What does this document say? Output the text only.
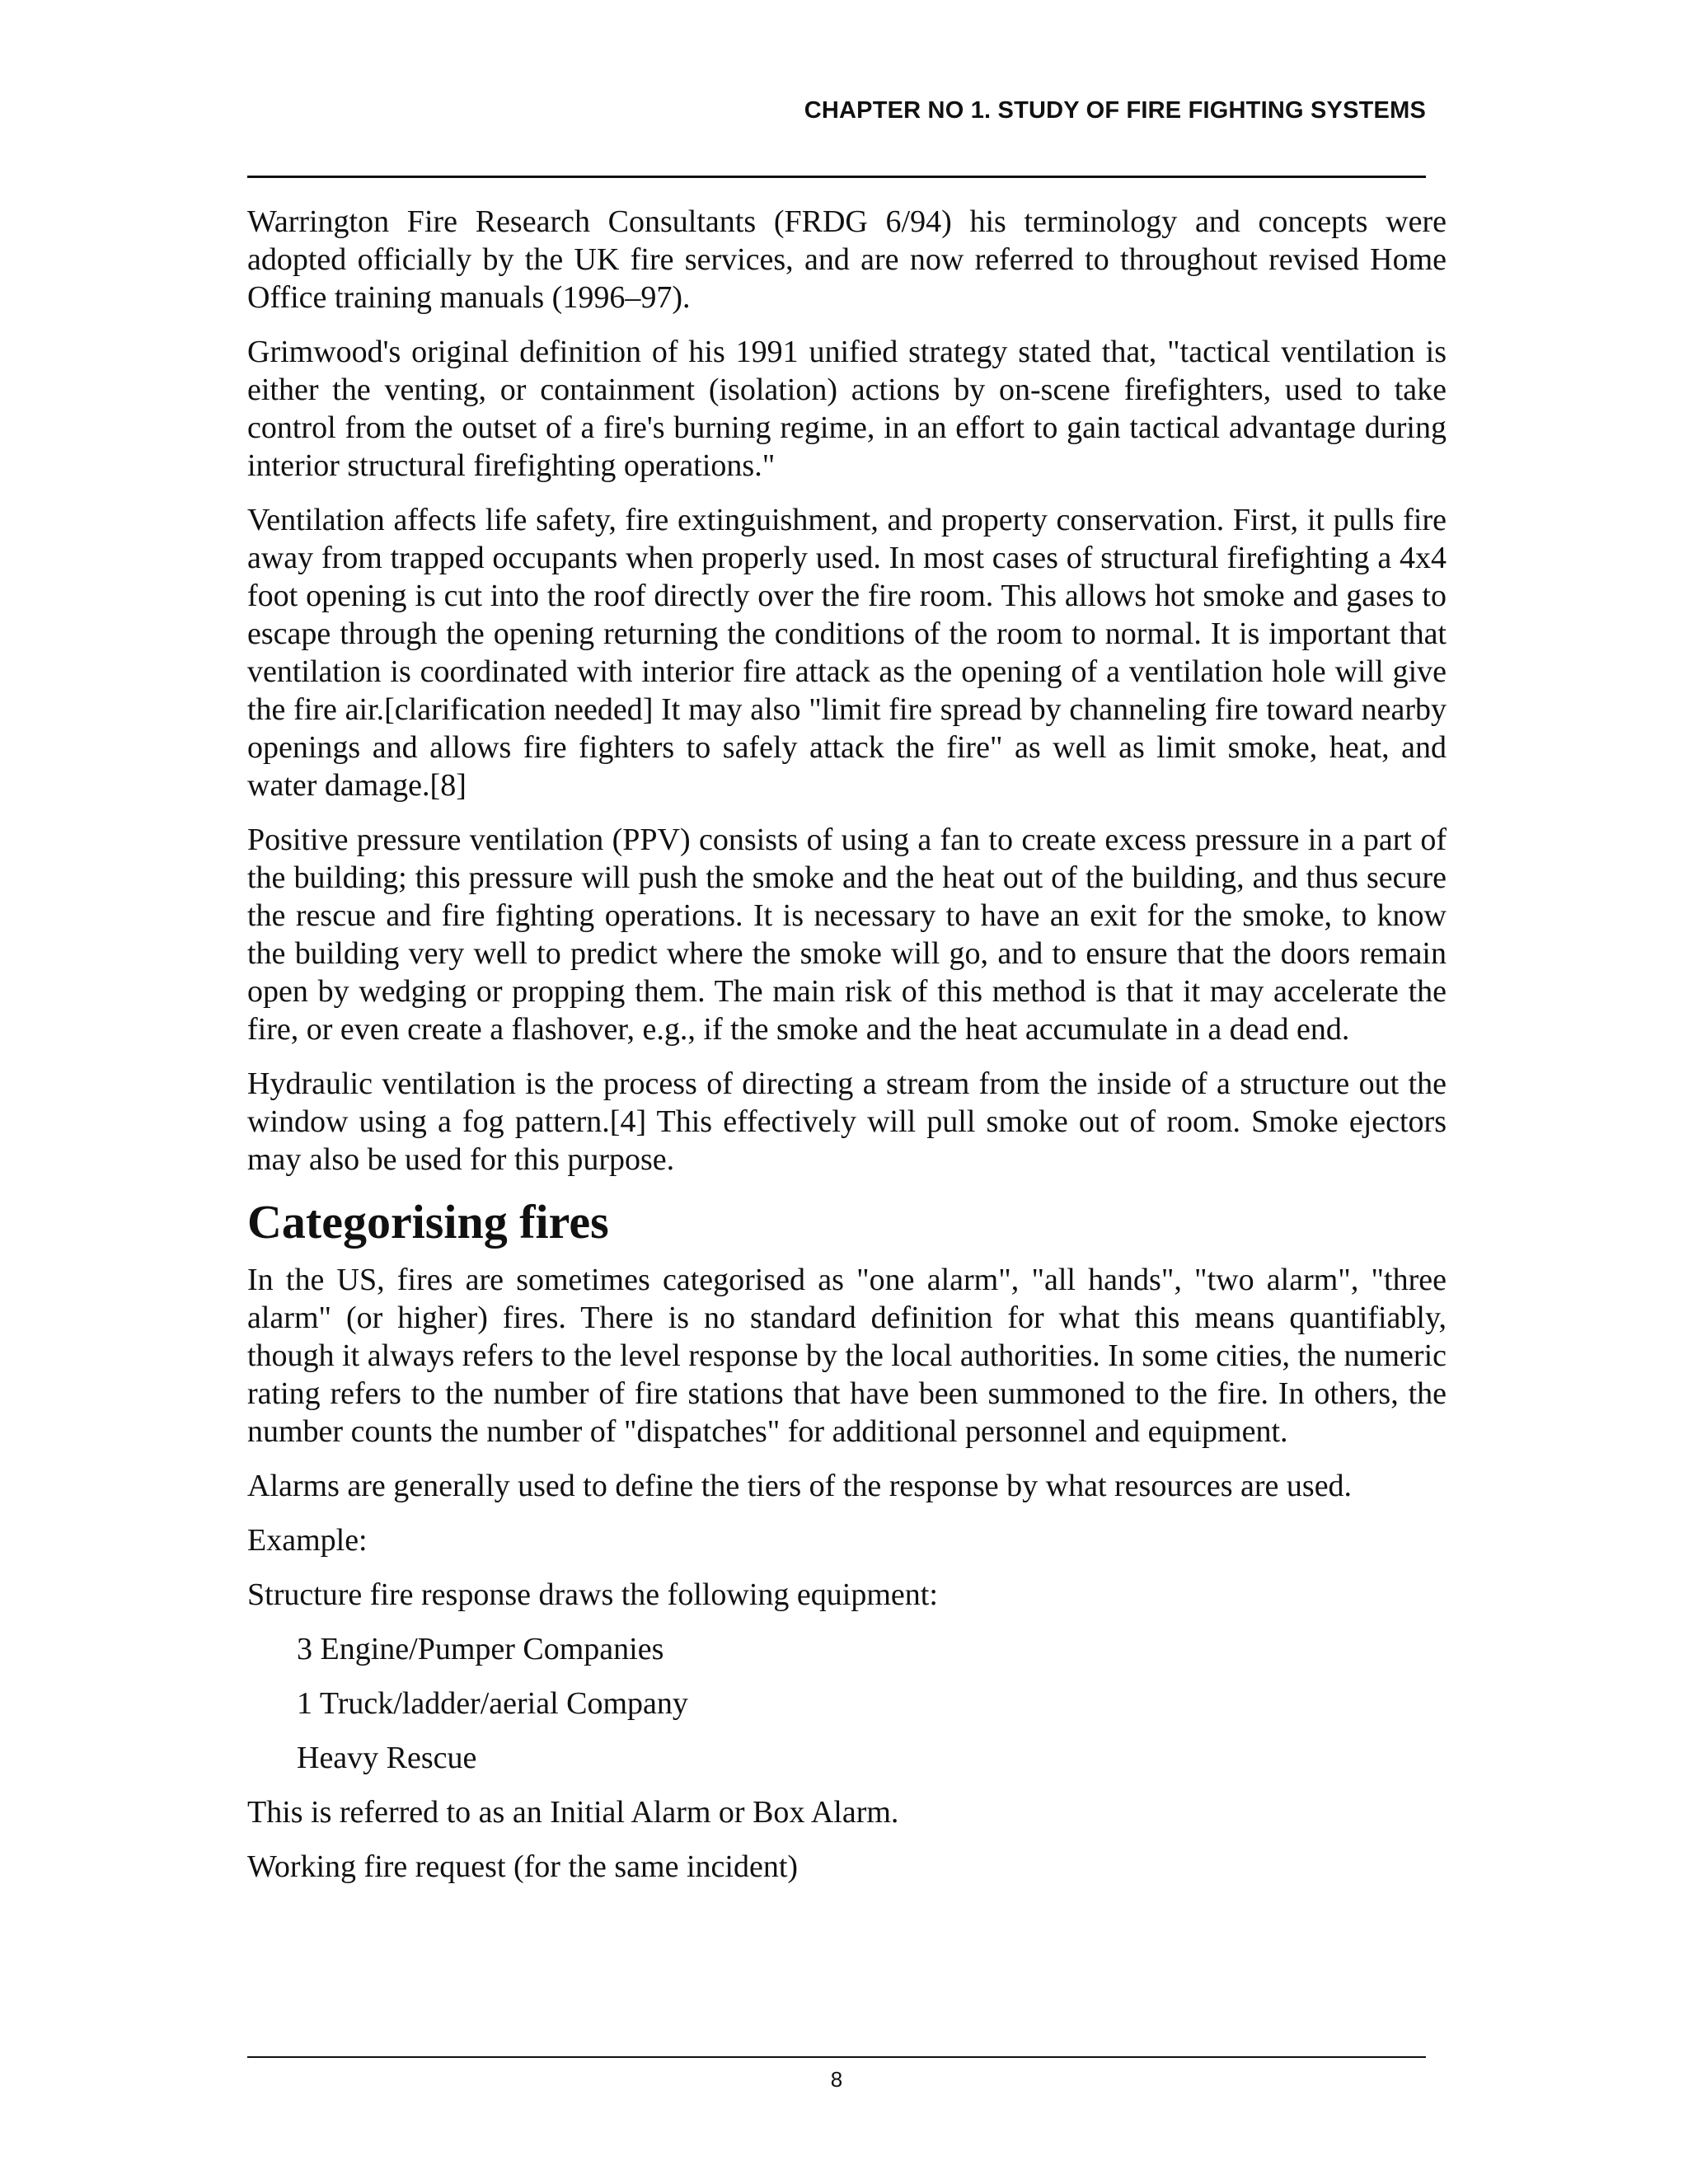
CHAPTER NO 1. STUDY OF FIRE FIGHTING SYSTEMS

Warrington Fire Research Consultants (FRDG 6/94) his terminology and concepts were adopted officially by the UK fire services, and are now referred to throughout revised Home Office training manuals (1996–97).

Grimwood's original definition of his 1991 unified strategy stated that, "tactical ventilation is either the venting, or containment (isolation) actions by on-scene firefighters, used to take control from the outset of a fire's burning regime, in an effort to gain tactical advantage during interior structural firefighting operations."

Ventilation affects life safety, fire extinguishment, and property conservation. First, it pulls fire away from trapped occupants when properly used. In most cases of structural firefighting a 4x4 foot opening is cut into the roof directly over the fire room. This allows hot smoke and gases to escape through the opening returning the conditions of the room to normal. It is important that ventilation is coordinated with interior fire attack as the opening of a ventilation hole will give the fire air.[clarification needed] It may also "limit fire spread by channeling fire toward nearby openings and allows fire fighters to safely attack the fire" as well as limit smoke, heat, and water damage.[8]

Positive pressure ventilation (PPV) consists of using a fan to create excess pressure in a part of the building; this pressure will push the smoke and the heat out of the building, and thus secure the rescue and fire fighting operations. It is necessary to have an exit for the smoke, to know the building very well to predict where the smoke will go, and to ensure that the doors remain open by wedging or propping them. The main risk of this method is that it may accelerate the fire, or even create a flashover, e.g., if the smoke and the heat accumulate in a dead end.

Hydraulic ventilation is the process of directing a stream from the inside of a structure out the window using a fog pattern.[4] This effectively will pull smoke out of room. Smoke ejectors may also be used for this purpose.

Categorising fires

In the US, fires are sometimes categorised as "one alarm", "all hands", "two alarm", "three alarm" (or higher) fires. There is no standard definition for what this means quantifiably, though it always refers to the level response by the local authorities. In some cities, the numeric rating refers to the number of fire stations that have been summoned to the fire. In others, the number counts the number of "dispatches" for additional personnel and equipment.

Alarms are generally used to define the tiers of the response by what resources are used.

Example:

Structure fire response draws the following equipment:

3 Engine/Pumper Companies
1 Truck/ladder/aerial Company
Heavy Rescue

This is referred to as an Initial Alarm or Box Alarm.

Working fire request (for the same incident)

8
